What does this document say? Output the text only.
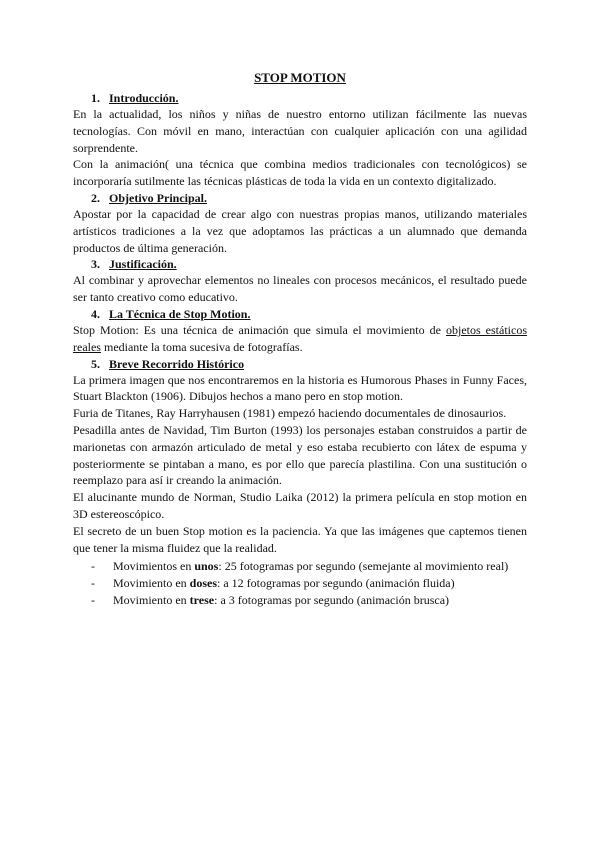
STOP MOTION
1. Introducción.

En la actualidad, los niños y niñas de nuestro entorno utilizan fácilmente las nuevas tecnologías. Con móvil en mano, interactúan con cualquier aplicación con una agilidad sorprendente.

Con la animación( una técnica que combina medios tradicionales con tecnológicos) se incorporaría sutilmente las técnicas plásticas de toda la vida en un contexto digitalizado.

2. Objetivo Principal.

Apostar por la capacidad de crear algo con nuestras propias manos, utilizando materiales artísticos tradiciones a la vez que adoptamos las prácticas a un alumnado que demanda productos de última generación.

3. Justificación.

Al combinar y aprovechar elementos no lineales con procesos mecánicos, el resultado puede ser tanto creativo como educativo.

4. La Técnica de Stop Motion.

Stop Motion: Es una técnica de animación que simula el movimiento de objetos estáticos reales mediante la toma sucesiva de fotografías.

5. Breve Recorrido Histórico

La primera imagen que nos encontraremos en la historia es Humorous Phases in Funny Faces, Stuart Blackton (1906). Dibujos hechos a mano pero en stop motion.

Furia de Titanes, Ray Harryhausen (1981) empezó haciendo documentales de dinosaurios.

Pesadilla antes de Navidad, Tim Burton (1993) los personajes estaban construidos a partir de marionetas con armazón articulado de metal y eso estaba recubierto con látex de espuma y posteriormente se pintaban a mano, es por ello que parecía plastilina. Con una sustitución o reemplazo para así ir creando la animación.

El alucinante mundo de Norman, Studio Laika (2012) la primera película en stop motion en 3D estereoscópico.

El secreto de un buen Stop motion es la paciencia. Ya que las imágenes que captemos tienen que tener la misma fluidez que la realidad.

-	Movimientos en unos: 25 fotogramas por segundo (semejante al movimiento real)
-	Movimiento en doses: a 12 fotogramas por segundo (animación fluida)
-	Movimiento en trese: a 3 fotogramas por segundo (animación brusca)
